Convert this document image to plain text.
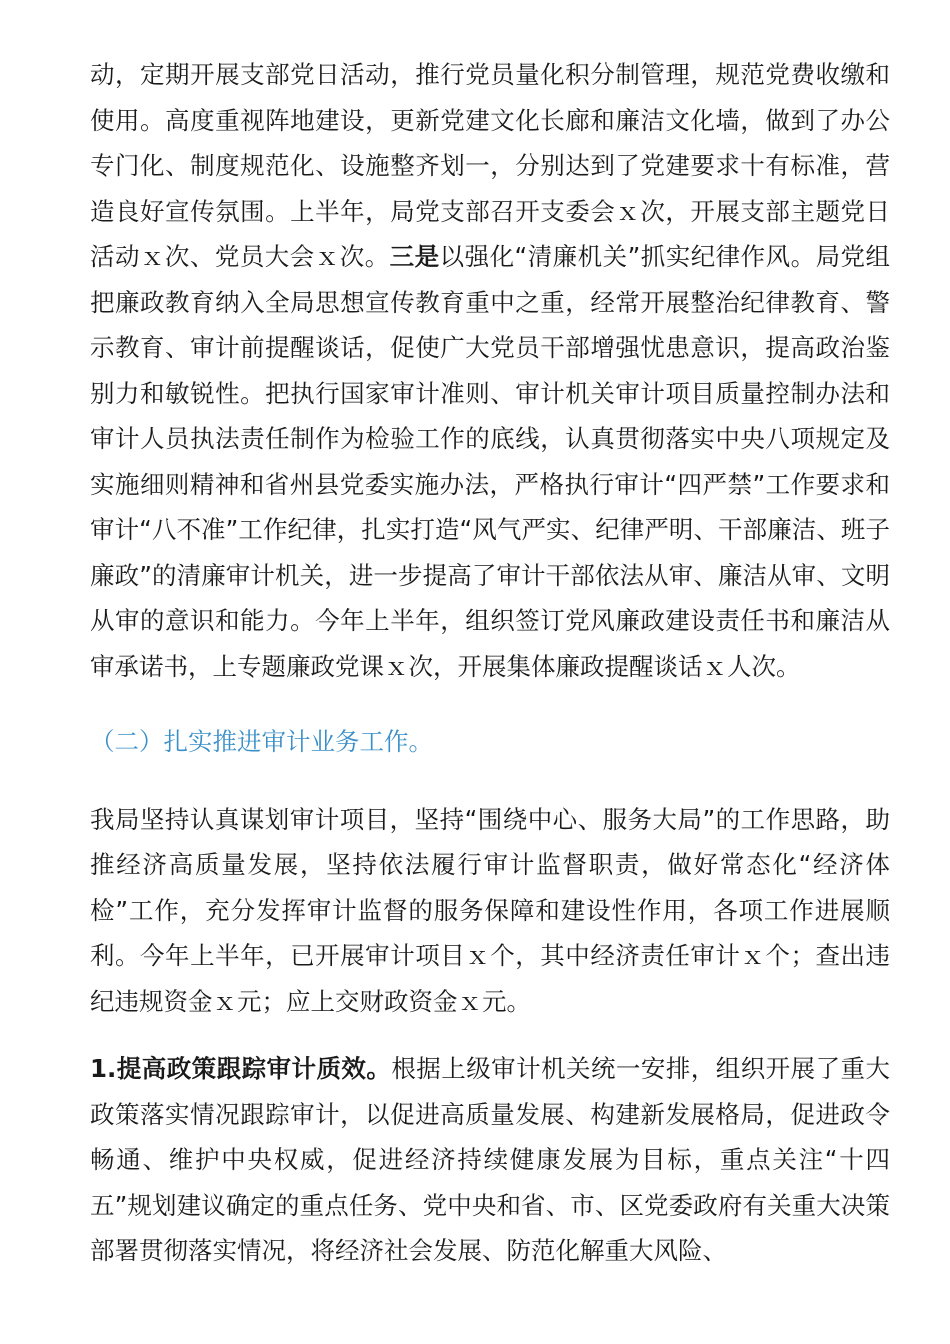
动，定期开展支部党日活动，推行党员量化积分制管理，规范党费收缴和使用。高度重视阵地建设，更新党建文化长廊和廉洁文化墙，做到了办公专门化、制度规范化、设施整齐划一，分别达到了党建要求十有标准，营造良好宣传氛围。上半年，局党支部召开支委会ｘ次，开展支部主题党日活动ｘ次、党员大会ｘ次。三是以强化“清廉机关”抓实纪律作风。局党组把廉政教育纳入全局思想宣传教育重中之重，经常开展整治纪律教育、警示教育、审计前提醒谈话，促使广大党员干部增强忧患意识，提高政治鉴别力和敏锐性。把执行国家审计准则、审计机关审计项目质量控制办法和审计人员执法责任制作为检验工作的底线，认真贯彻落实中央八项规定及实施细则精神和省州县党委实施办法，严格执行审计“四严禁”工作要求和审计“八不准”工作纪律，扎实打造“风气严实、纪律严明、干部廉洁、班子廉政”的清廉审计机关，进一步提高了审计干部依法从审、廉洁从审、文明从审的意识和能力。今年上半年，组织签订党风廉政建设责任书和廉洁从审承诺书，上专题廉政党课ｘ次，开展集体廉政提醒谈话ｘ人次。

（二）扎实推进审计业务工作。

我局坚持认真谋划审计项目，坚持“围绕中心、服务大局”的工作思路，助推经济高质量发展，坚持依法履行审计监督职责，做好常态化“经济体检”工作，充分发挥审计监督的服务保障和建设性作用，各项工作进展顺利。今年上半年，已开展审计项目ｘ个，其中经济责任审计ｘ个；查出违纪违规资金ｘ元；应上交财政资金ｘ元。

1.提高政策跟踪审计质效。根据上级审计机关统一安排，组织开展了重大政策落实情况跟踪审计，以促进高质量发展、构建新发展格局，促进政令畅通、维护中央权威，促进经济持续健康发展为目标，重点关注“十四五”规划建议确定的重点任务、党中央和省、市、区党委政府有关重大决策部署贯彻落实情况，将经济社会发展、防范化解重大风险、
